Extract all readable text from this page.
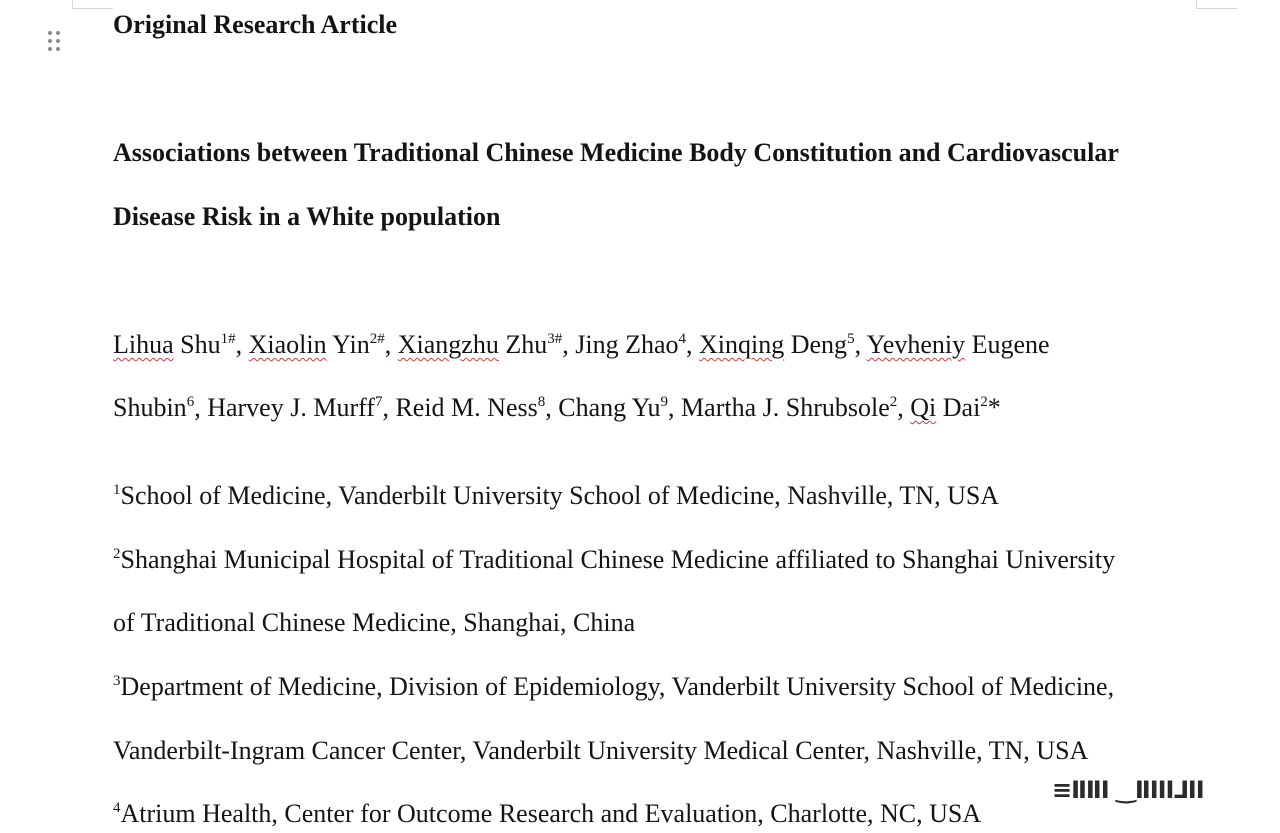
Original Research Article
Associations between Traditional Chinese Medicine Body Constitution and Cardiovascular
Disease Risk in a White population
Lihua Shu$^{1\#}$, Xiaolin Yin$^{2\#}$, Xiangzhu Zhu$^{3\#}$, Jing Zhao$^4$, Xinqing Deng$^5$, Yevheniy Eugene
Shubin$^6$, Harvey J. Murff$^7$, Reid M. Ness$^8$, Chang Yu$^9$, Martha J. Shrubsole$^2$, Qi Dai$^2$*
$^1$School of Medicine, Vanderbilt University School of Medicine, Nashville, TN, USA
$^2$Shanghai Municipal Hospital of Traditional Chinese Medicine affiliated to Shanghai University
of Traditional Chinese Medicine, Shanghai, China
$^3$Department of Medicine, Division of Epidemiology, Vanderbilt University School of Medicine,
Vanderbilt-Ingram Cancer Center, Vanderbilt University Medical Center, Nashville, TN, USA
$^4$Atrium Health, Center for Outcome Research and Evaluation, Charlotte, NC, USA
≡ⅡⅡⅠ ‿ⅡⅠⅠⅠ⅃ⅠⅠ
